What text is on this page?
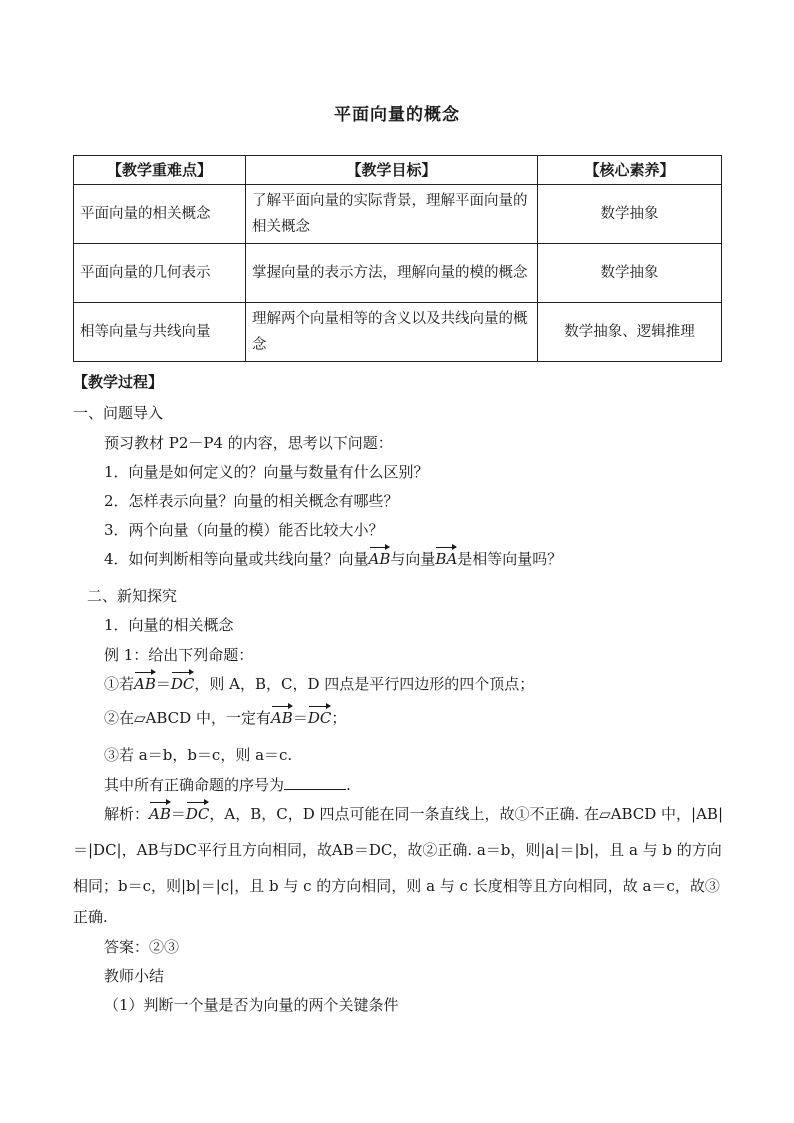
平面向量的概念
【教学重难点】	【教学目标】	【核心素养】
平面向量的相关概念	了解平面向量的实际背景，理解平面向量的相关概念	数学抽象
平面向量的几何表示	掌握向量的表示方法，理解向量的模的概念	数学抽象
相等向量与共线向量	理解两个向量相等的含义以及共线向量的概念	数学抽象、逻辑推理
【教学过程】
一、问题导入
预习教材 P2－P4 的内容，思考以下问题：
1．向量是如何定义的？向量与数量有什么区别？
2．怎样表示向量？向量的相关概念有哪些？
3．两个向量（向量的模）能否比较大小？
4．如何判断相等向量或共线向量？向量AB与向量BA是相等向量吗？
二、新知探究
1．向量的相关概念
例 1：给出下列命题：
①若AB＝DC，则 A，B，C，D 四点是平行四边形的四个顶点；
②在▱ABCD 中，一定有AB＝DC；
③若 a＝b，b＝c，则 a＝c.
其中所有正确命题的序号为	.
解析：AB＝DC，A，B，C，D 四点可能在同一条直线上，故①不正确. 在▱ABCD 中，|AB|
＝|DC|，AB与DC平行且方向相同，故AB＝DC，故②正确. a＝b，则|a|＝|b|，且 a 与 b 的方向
相同；b＝c，则|b|＝|c|，且 b 与 c 的方向相同，则 a 与 c 长度相等且方向相同，故 a＝c，故③
正确.
答案：②③
教师小结
（1）判断一个量是否为向量的两个关键条件
